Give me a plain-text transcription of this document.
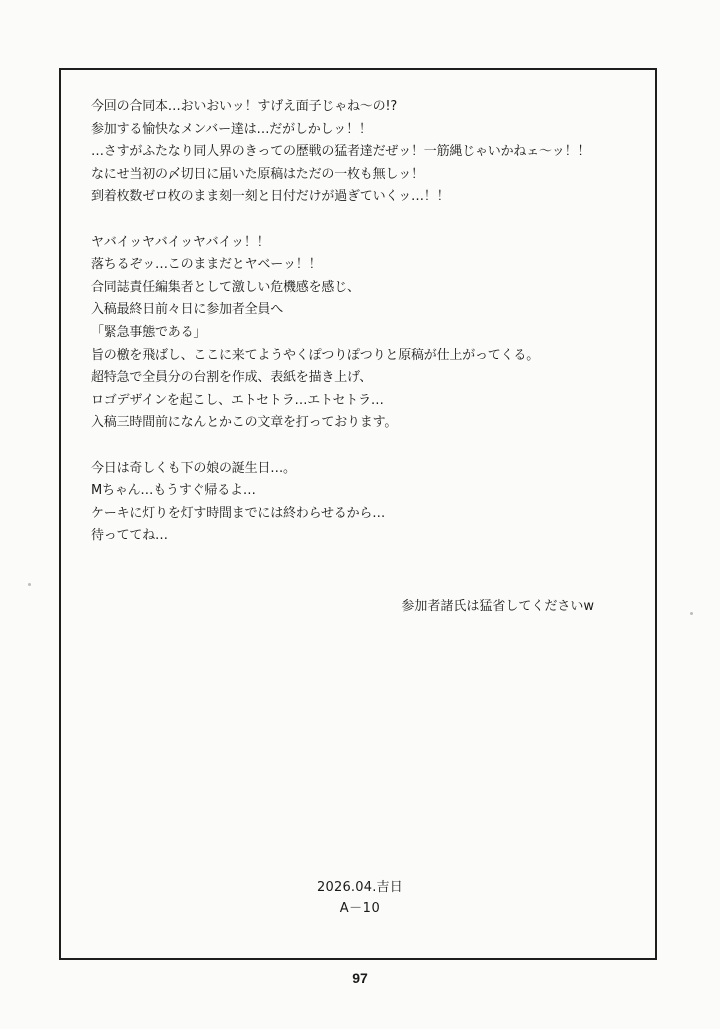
今回の合同本…おいおいッ！すげえ面子じゃね～の!?
参加する愉快なメンバー達は…だがしかしッ！！
…さすがふたなり同人界のきっての歴戦の猛者達だぜッ！一筋縄じゃいかねェ～ッ！！
なにせ当初の〆切日に届いた原稿はただの一枚も無しッ！
到着枚数ゼロ枚のまま刻一刻と日付だけが過ぎていくッ…！！

ヤバイッヤバイッヤバイッ！！
落ちるぞッ…このままだとヤベーッ！！
合同誌責任編集者として激しい危機感を感じ、
入稿最終日前々日に参加者全員へ
「緊急事態である」
旨の檄を飛ばし、ここに来てようやくぽつりぽつりと原稿が仕上がってくる。
超特急で全員分の台割を作成、表紙を描き上げ、
ロゴデザインを起こし、エトセトラ…エトセトラ…
入稿三時間前になんとかこの文章を打っております。

今日は奇しくも下の娘の誕生日…。
Mちゃん…もうすぐ帰るよ…
ケーキに灯りを灯す時間までには終わらせるから…
待っててね…

参加者諸氏は猛省してくださいw
2026.04.吉日
A－10
97
